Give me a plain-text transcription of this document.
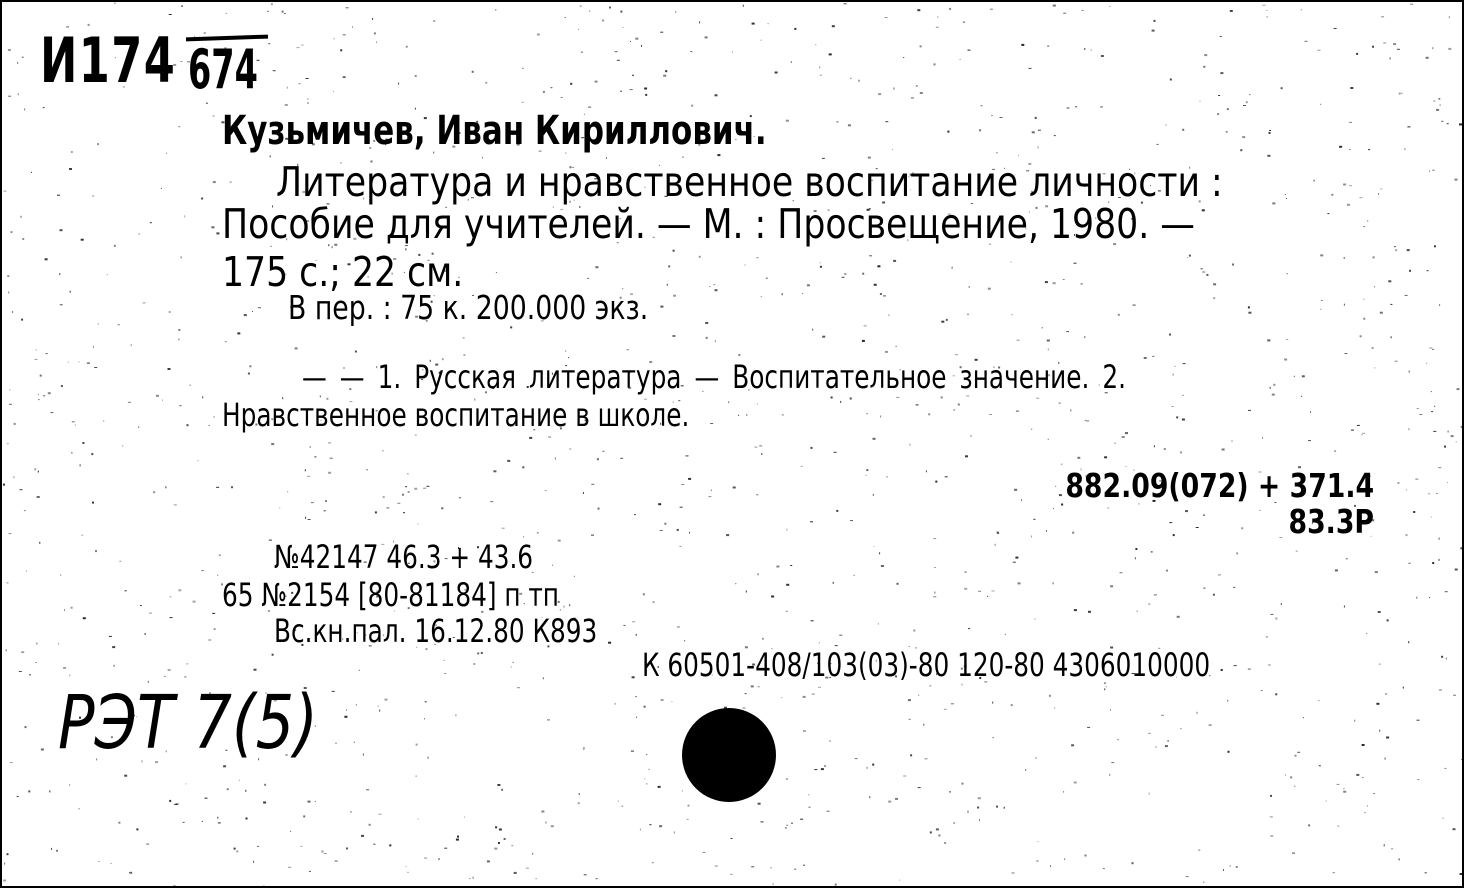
И174 674
Кузьмичев, Иван Кириллович.
Литература и нравственное воспитание личности :
Пособие для учителей. — М. : Просвещение, 1980. —
175 с.; 22 см.
В пер. : 75 к. 200.000 экз.
— — 1. Русская литература — Воспитательное значение. 2.
Нравственное воспитание в школе.
882.09(072) + 371.4
83.3Р
№42147 46.3 + 43.6
65 №2154 [80-81184] п тп
Вс.кн.пал. 16.12.80 К893
К 60501-408/103(03)-80 120-80 4306010000
РЭТ 7(5)
